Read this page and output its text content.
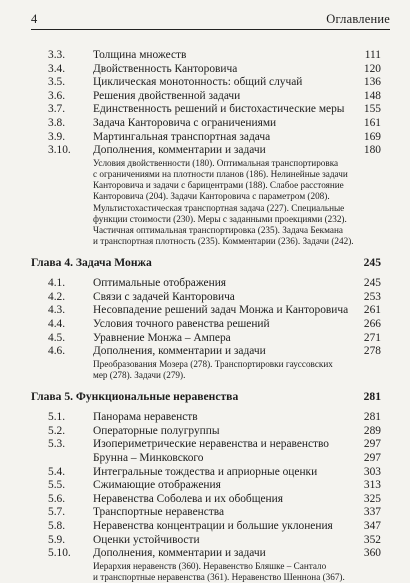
4	Оглавление
3.3. Толщина множеств	111
3.4. Двойственность Канторовича	120
3.5. Циклическая монотонность: общий случай	136
3.6. Решения двойственной задачи	148
3.7. Единственность решений и бистохастические меры 155
3.8. Задача Канторовича с ограничениями	161
3.9. Мартингальная транспортная задача	169
3.10. Дополнения, комментарии и задачи	180
Условия двойственности (180). Оптимальная транспортировка
с ограничениями на плотности планов (186). Нелинейные задачи
Канторовича и задачи с барицентрами (188). Слабое расстояние
Канторовича (204). Задачи Канторовича с параметром (208).
Мультистохастическая транспортная задача (227). Специальные
функции стоимости (230). Меры с заданными проекциями (232).
Частичная оптимальная транспортировка (235). Задача Бекмана
и транспортная плотность (235). Комментарии (236). Задачи (242).
Глава 4. Задача Монжа	245
4.1. Оптимальные отображения	245
4.2. Связи с задачей Канторовича	253
4.3. Несовпадение решений задач Монжа и Канторовича 261
4.4. Условия точного равенства решений	266
4.5. Уравнение Монжа – Ампера	271
4.6. Дополнения, комментарии и задачи	278
Преобразования Мозера (278). Транспортировки гауссовских
мер (278). Задачи (279).
Глава 5. Функциональные неравенства	281
5.1. Панорама неравенств	281
5.2. Операторные полугруппы	289
5.3. Изопериметрические неравенства и неравенство	297
Брунна – Минковского	297
5.4. Интегральные тождества и априорные оценки	303
5.5. Сжимающие отображения	313
5.6. Неравенства Соболева и их обобщения	325
5.7. Транспортные неравенства	337
5.8. Неравенства концентрации и большие уклонения	347
5.9. Оценки устойчивости	352
5.10. Дополнения, комментарии и задачи	360
Иерархия неравенств (360). Неравенство Бляшке – Сантало
и транспортные неравенства (361). Неравенство Шеннона (367).
